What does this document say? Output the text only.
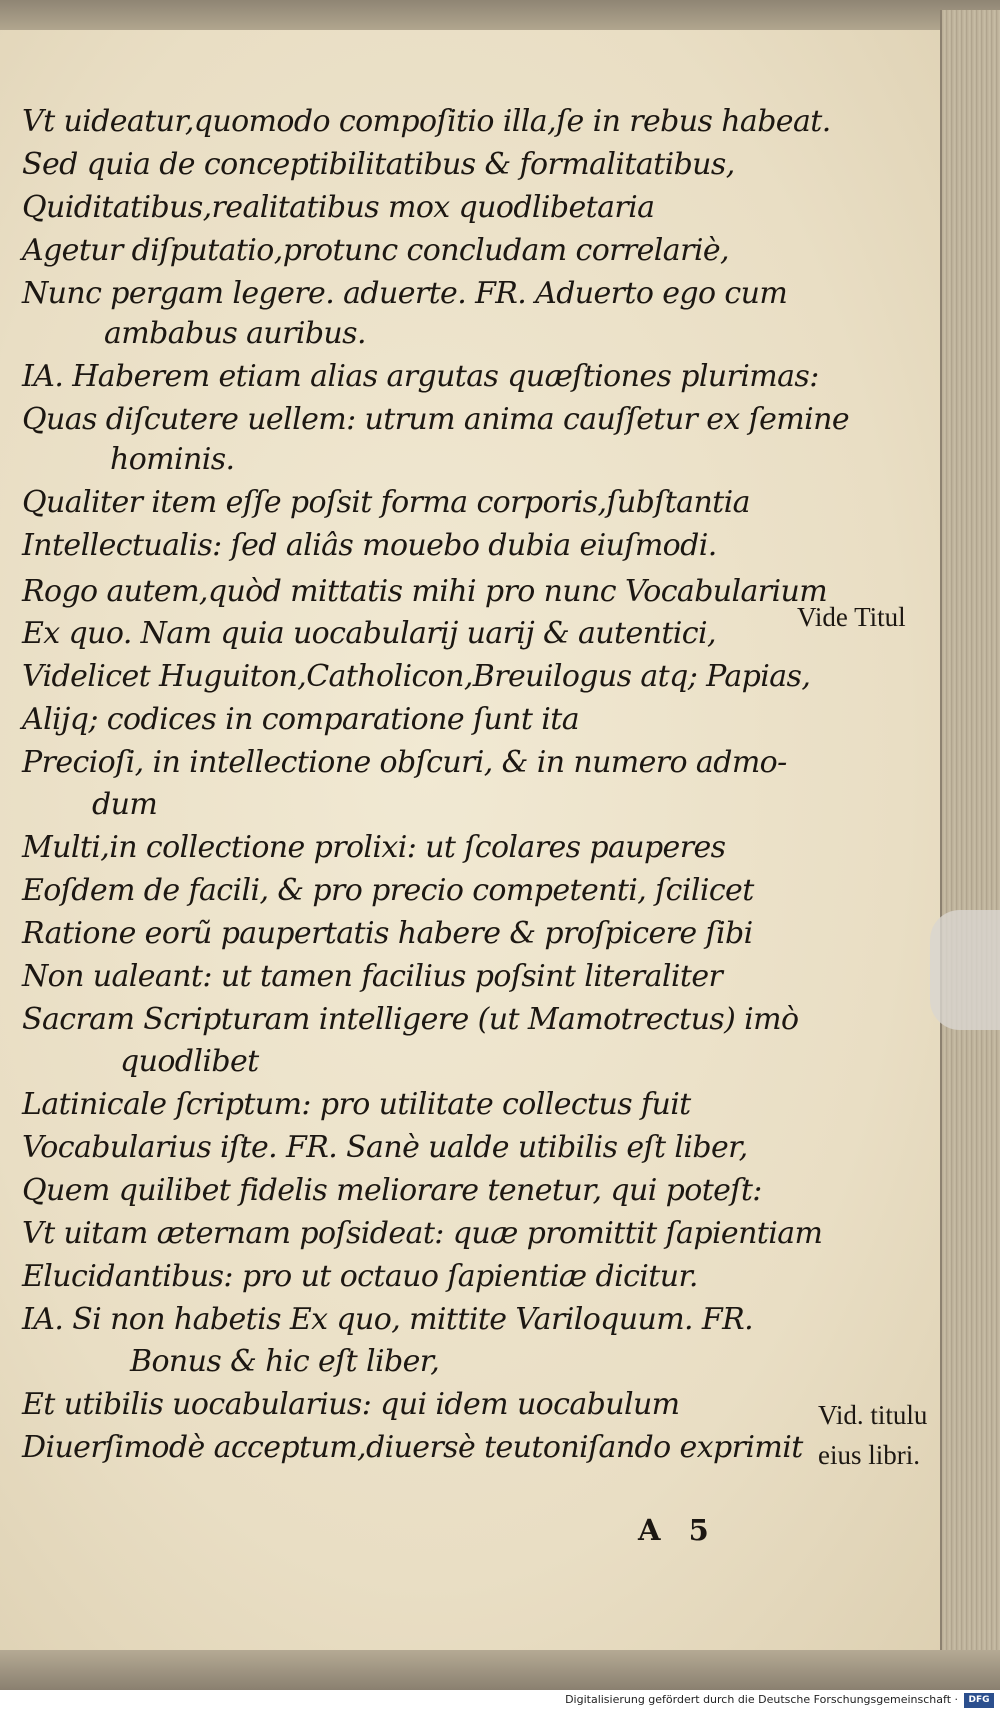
Vt uideatur,quomodo compoſitio illa,ſe in rebus habeat.
Sed quia de conceptibilitatibus & formalitatibus,
Quiditatibus,realitatibus mox quodlibetaria
Agetur diſputatio,protunc concludam correlariè,
Nunc pergam legere. aduerte. FR. Aduerto ego cum
ambabus auribus.
IA. Haberem etiam alias argutas quæſtiones plurimas:
Quas diſcutere uellem: utrum anima cauſſetur ex ſemine
hominis.
Qualiter item eſſe poſsit forma corporis,ſubſtantia
Intellectualis: ſed aliâs mouebo dubia eiuſmodi.
Rogo autem,quòd mittatis mihi pro nunc Vocabularium
Ex quo. Nam quia uocabularij uarij & autentici,
Videlicet Huguiton,Catholicon,Breuilogus atq; Papias,
Alijq; codices in comparatione ſunt ita
Precioſi, in intellectione obſcuri, & in numero admo-
dum
Multi,in collectione prolixi: ut ſcolares pauperes
Eoſdem de facili, & pro precio competenti, ſcilicet
Ratione eorũ paupertatis habere & proſpicere ſibi
Non ualeant: ut tamen facilius poſsint literaliter
Sacram Scripturam intelligere (ut Mamotrectus) imò
quodlibet
Latinicale ſcriptum: pro utilitate collectus fuit
Vocabularius iſte. FR. Sanè ualde utibilis eſt liber,
Quem quilibet fidelis meliorare tenetur, qui poteſt:
Vt uitam æternam poſsideat: quæ promittit ſapientiam
Elucidantibus: pro ut octauo ſapientiæ dicitur.
IA. Si non habetis Ex quo, mittite Variloquum. FR.
Bonus & hic eſt liber,
Et utibilis uocabularius: qui idem uocabulum
Diuerſimodè acceptum,diuersè teutoniſando exprimit
Vide Titul
Vid. titulu
eius libri.
A 5
Digitalisierung gefördert durch die Deutsche Forschungsgemeinschaft ·	DFG
